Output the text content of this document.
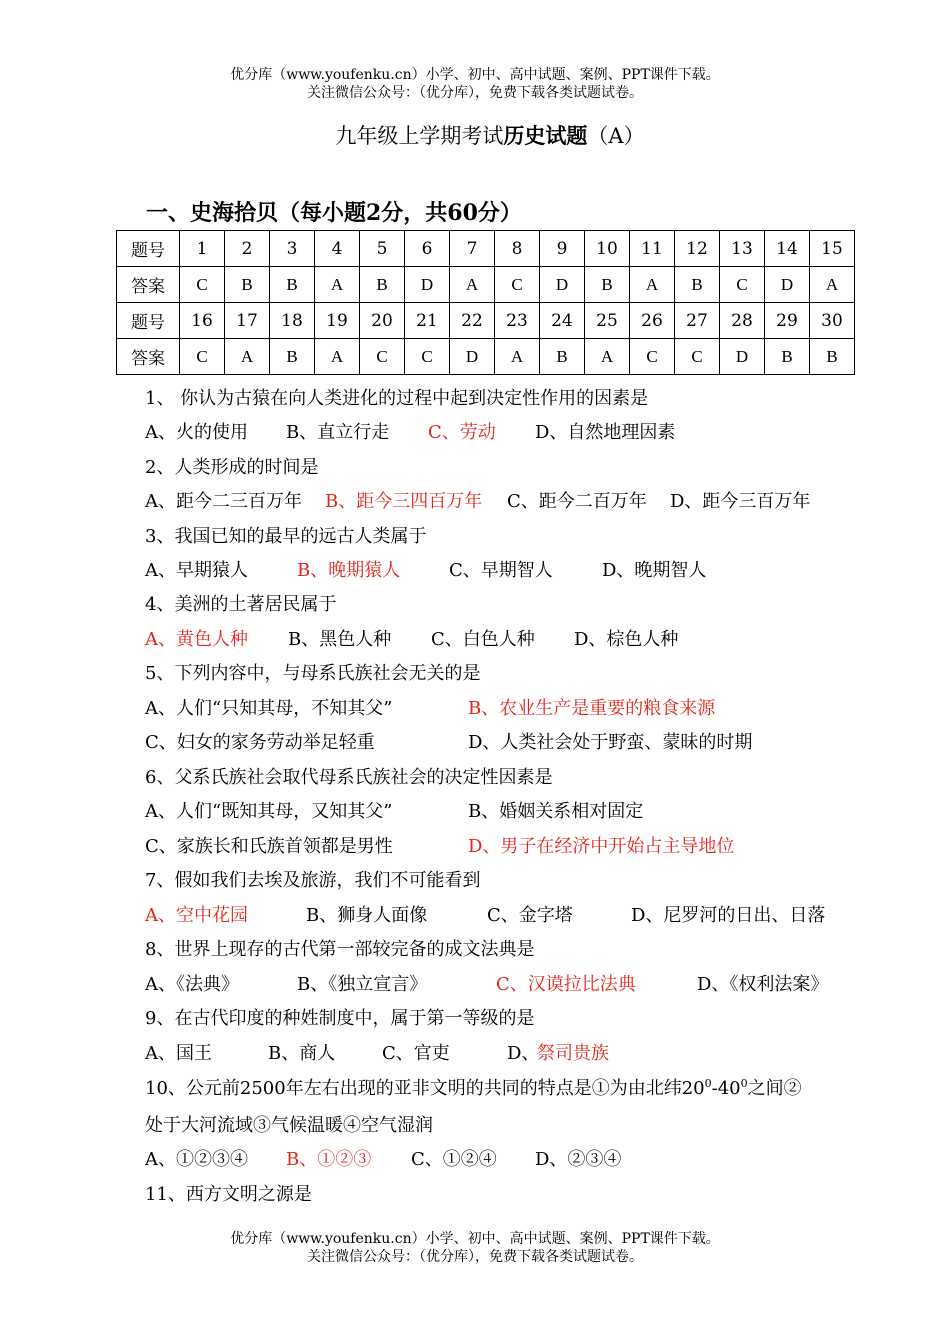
优分库（www.youfenku.cn）小学、初中、高中试题、案例、PPT课件下载。
关注微信公众号：（优分库），免费下载各类试题试卷。
九年级上学期考试历史试题（A）
一、史海拾贝（每小题2分，共60分）
题号	1	2	3	4	5	6	7	8	9	10	11	12	13	14	15
答案	C	B	B	A	B	D	A	C	D	B	A	B	C	D	A
题号	16	17	18	19	20	21	22	23	24	25	26	27	28	29	30
答案	C	A	B	A	C	C	D	A	B	A	C	C	D	B	B
1、 你认为古猿在向人类进化的过程中起到决定性作用的因素是
A、火的使用 B、直立行走 C、劳动 D、自然地理因素
2、人类形成的时间是
A、距今二三百万年 B、距今三四百万年 C、距今二百万年 D、距今三百万年
3、我国已知的最早的远古人类属于
A、早期猿人	B、晚期猿人	C、早期智人	D、晚期智人
4、美洲的土著居民属于
A、黄色人种 B、黑色人种 C、白色人种 D、棕色人种
5、下列内容中，与母系氏族社会无关的是
A、人们“只知其母，不知其父”	B、农业生产是重要的粮食来源
C、妇女的家务劳动举足轻重	D、人类社会处于野蛮、蒙昧的时期
6、父系氏族社会取代母系氏族社会的决定性因素是
A、人们“既知其母，又知其父”	B、婚姻关系相对固定
C、家族长和氏族首领都是男性	D、男子在经济中开始占主导地位
7、假如我们去埃及旅游，我们不可能看到
A、空中花园	B、狮身人面像	C、金字塔	D、尼罗河的日出、日落
8、世界上现存的古代第一部较完备的成文法典是
A、《法典》	B、《独立宣言》	C、汉谟拉比法典	D、《权利法案》
9、在古代印度的种姓制度中，属于第一等级的是
A、国王	B、商人	C、官吏	D、
祭司贵族
10、公元前2500年左右出现的亚非文明的共同的特点是①为由北纬$20^0-40^0$之间②
处于大河流域③气候温暖④空气湿润
A、①②③④ B、①②③ C、①②④ D、②③④
11、西方文明之源是
优分库（www.youfenku.cn）小学、初中、高中试题、案例、PPT课件下载。
关注微信公众号：（优分库），免费下载各类试题试卷。
